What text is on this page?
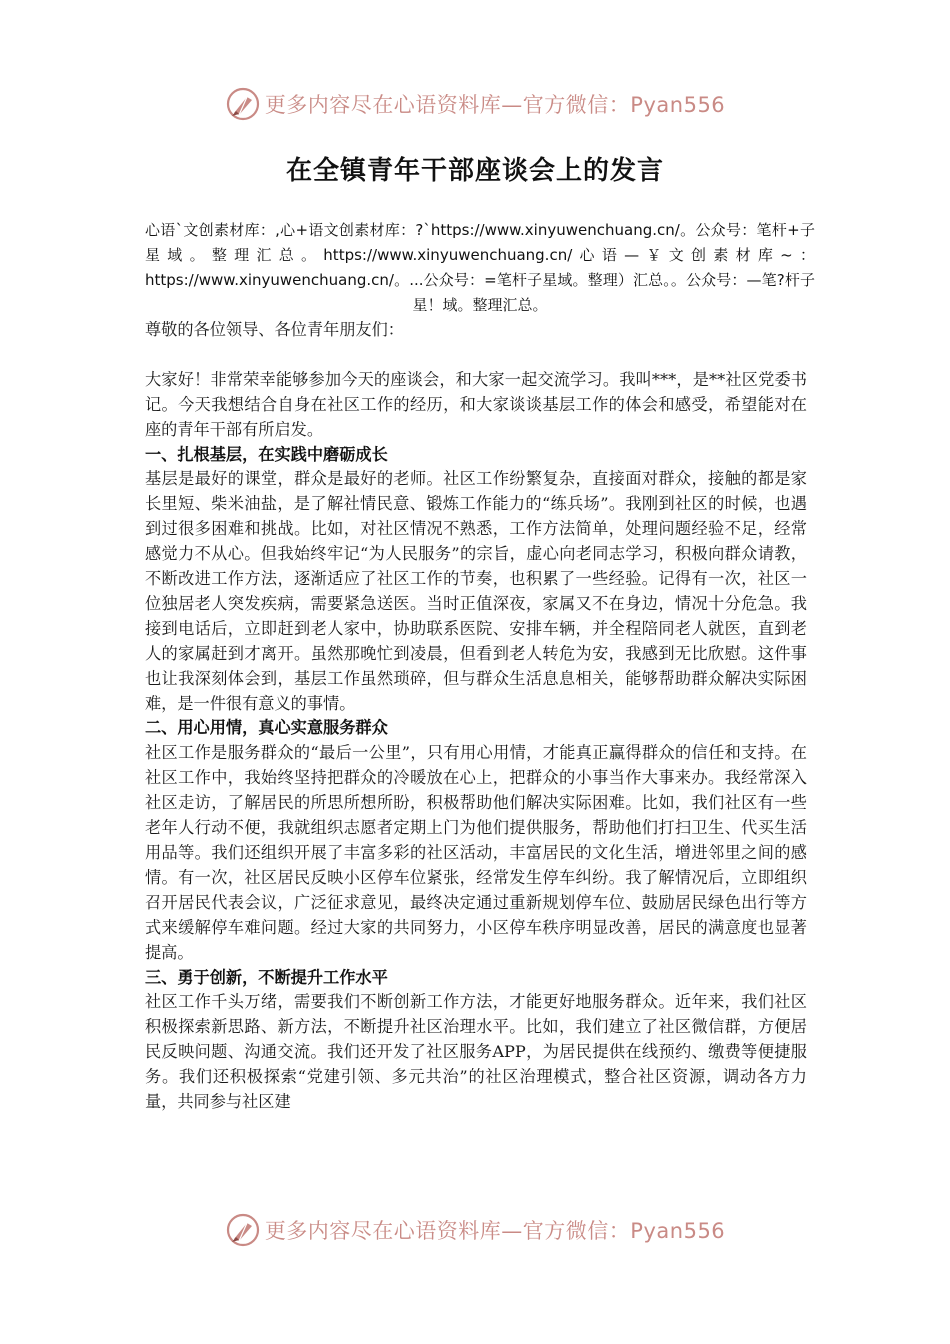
更多内容尽在心语资料库—官方微信：Pyan556
在全镇青年干部座谈会上的发言
心语`文创素材库：,心+语文创素材库：?`https://www.xinyuwenchuang.cn/。公众号：笔杆+子星域。整理汇总。https://www.xinyuwenchuang.cn/心语—￥文创素材库~：https://www.xinyuwenchuang.cn/。...公众号：=笔杆子星域。整理）汇总。。公众号：—笔?杆子星！域。整理汇总。

尊敬的各位领导、各位青年朋友们：

大家好！非常荣幸能够参加今天的座谈会，和大家一起交流学习。我叫***，是**社区党委书记。今天我想结合自身在社区工作的经历，和大家谈谈基层工作的体会和感受，希望能对在座的青年干部有所启发。

一、扎根基层，在实践中磨砺成长

基层是最好的课堂，群众是最好的老师。社区工作纷繁复杂，直接面对群众，接触的都是家长里短、柴米油盐，是了解社情民意、锻炼工作能力的“练兵场”。我刚到社区的时候，也遇到过很多困难和挑战。比如，对社区情况不熟悉，工作方法简单，处理问题经验不足，经常感觉力不从心。但我始终牢记“为人民服务”的宗旨，虚心向老同志学习，积极向群众请教，不断改进工作方法，逐渐适应了社区工作的节奏，也积累了一些经验。记得有一次，社区一位独居老人突发疾病，需要紧急送医。当时正值深夜，家属又不在身边，情况十分危急。我接到电话后，立即赶到老人家中，协助联系医院、安排车辆，并全程陪同老人就医，直到老人的家属赶到才离开。虽然那晚忙到凌晨，但看到老人转危为安，我感到无比欣慰。这件事也让我深刻体会到，基层工作虽然琐碎，但与群众生活息息相关，能够帮助群众解决实际困难，是一件很有意义的事情。

二、用心用情，真心实意服务群众

社区工作是服务群众的“最后一公里”，只有用心用情，才能真正赢得群众的信任和支持。在社区工作中，我始终坚持把群众的冷暖放在心上，把群众的小事当作大事来办。我经常深入社区走访，了解居民的所思所想所盼，积极帮助他们解决实际困难。比如，我们社区有一些老年人行动不便，我就组织志愿者定期上门为他们提供服务，帮助他们打扫卫生、代买生活用品等。我们还组织开展了丰富多彩的社区活动，丰富居民的文化生活，增进邻里之间的感情。有一次，社区居民反映小区停车位紧张，经常发生停车纠纷。我了解情况后，立即组织召开居民代表会议，广泛征求意见，最终决定通过重新规划停车位、鼓励居民绿色出行等方式来缓解停车难问题。经过大家的共同努力，小区停车秩序明显改善，居民的满意度也显著提高。

三、勇于创新，不断提升工作水平

社区工作千头万绪，需要我们不断创新工作方法，才能更好地服务群众。近年来，我们社区积极探索新思路、新方法，不断提升社区治理水平。比如，我们建立了社区微信群，方便居民反映问题、沟通交流。我们还开发了社区服务APP，为居民提供在线预约、缴费等便捷服务。我们还积极探索“党建引领、多元共治”的社区治理模式，整合社区资源，调动各方力量，共同参与社区建

更多内容尽在心语资料库—官方微信：Pyan556
